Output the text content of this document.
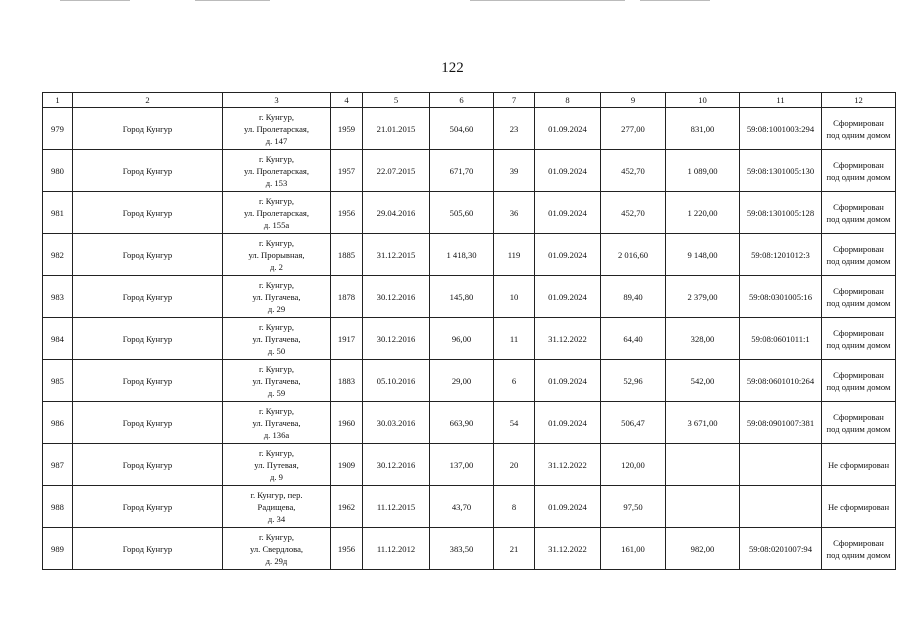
122
1	2	3	4	5	6	7	8	9	10	11	12
979	Город Кунгур	г. Кунгур,
ул. Пролетарская,
д. 147	1959	21.01.2015	504,60	23	01.09.2024	277,00	831,00	59:08:1001003:294	Сформирован
под одним домом

980	Город Кунгур	г. Кунгур,
ул. Пролетарская,
д. 153	1957	22.07.2015	671,70	39	01.09.2024	452,70	1 089,00	59:08:1301005:130	Сформирован
под одним домом

981	Город Кунгур	г. Кунгур,
ул. Пролетарская,
д. 155а	1956	29.04.2016	505,60	36	01.09.2024	452,70	1 220,00	59:08:1301005:128	Сформирован
под одним домом

982	Город Кунгур	г. Кунгур,
ул. Прорывная,
д. 2	1885	31.12.2015	1 418,30	119	01.09.2024	2 016,60	9 148,00	59:08:1201012:3	Сформирован
под одним домом

983	Город Кунгур	г. Кунгур,
ул. Пугачева,
д. 29	1878	30.12.2016	145,80	10	01.09.2024	89,40	2 379,00	59:08:0301005:16	Сформирован
под одним домом

984	Город Кунгур	г. Кунгур,
ул. Пугачева,
д. 50	1917	30.12.2016	96,00	11	31.12.2022	64,40	328,00	59:08:0601011:1	Сформирован
под одним домом

985	Город Кунгур	г. Кунгур,
ул. Пугачева,
д. 59	1883	05.10.2016	29,00	6	01.09.2024	52,96	542,00	59:08:0601010:264	Сформирован
под одним домом

986	Город Кунгур	г. Кунгур,
ул. Пугачева,
д. 136а	1960	30.03.2016	663,90	54	01.09.2024	506,47	3 671,00	59:08:0901007:381	Сформирован
под одним домом

987	Город Кунгур	г. Кунгур,
ул. Путевая,
д. 9	1909	30.12.2016	137,00	20	31.12.2022	120,00			Не сформирован

988	Город Кунгур	г. Кунгур, пер.
Радищева,
д. 34	1962	11.12.2015	43,70	8	01.09.2024	97,50			Не сформирован

989	Город Кунгур	г. Кунгур,
ул. Свердлова,
д. 29д	1956	11.12.2012	383,50	21	31.12.2022	161,00	982,00	59:08:0201007:94	Сформирован
под одним домом
